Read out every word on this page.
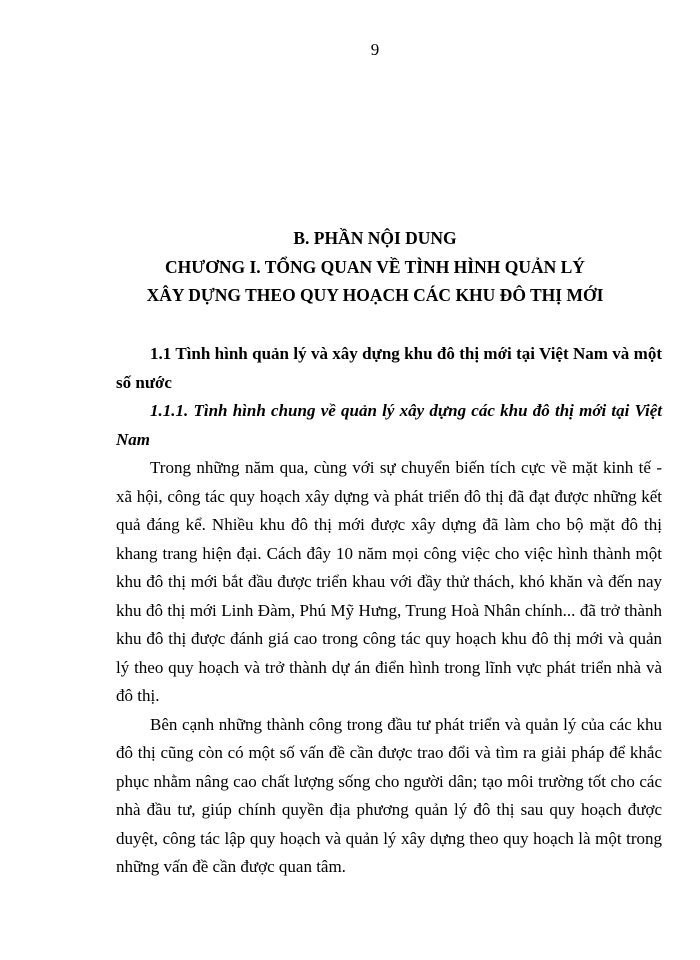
9
B. PHẦN NỘI DUNG
CHƯƠNG I. TỔNG QUAN VỀ TÌNH HÌNH QUẢN LÝ
XÂY DỰNG THEO QUY HOẠCH CÁC KHU ĐÔ THỊ MỚI
1.1 Tình hình quản lý và xây dựng khu đô thị mới tại Việt Nam và một số nước
1.1.1. Tình hình chung về quản lý xây dựng các khu đô thị mới tại Việt Nam

Trong những năm qua, cùng với sự chuyển biến tích cực về mặt kinh tế - xã hội, công tác quy hoạch xây dựng và phát triển đô thị đã đạt được những kết quả đáng kể. Nhiều khu đô thị mới được xây dựng đã làm cho bộ mặt đô thị khang trang hiện đại. Cách đây 10 năm mọi công việc cho việc hình thành một khu đô thị mới bắt đầu được triển khau với đầy thử thách, khó khăn và đến nay khu đô thị mới Linh Đàm, Phú Mỹ Hưng, Trung Hoà Nhân chính... đã trở thành khu đô thị được đánh giá cao trong công tác quy hoạch khu đô thị mới và quản lý theo quy hoạch và trở thành dự án điển hình trong lĩnh vực phát triển nhà và đô thị.

Bên cạnh những thành công trong đầu tư phát triển và quản lý của các khu đô thị cũng còn có một số vấn đề cần được trao đổi và tìm ra giải pháp để khắc phục nhằm nâng cao chất lượng sống cho người dân; tạo môi trường tốt cho các nhà đầu tư, giúp chính quyền địa phương quản lý đô thị sau quy hoạch được duyệt, công tác lập quy hoạch và quản lý xây dựng theo quy hoạch là một trong những vấn đề cần được quan tâm.
